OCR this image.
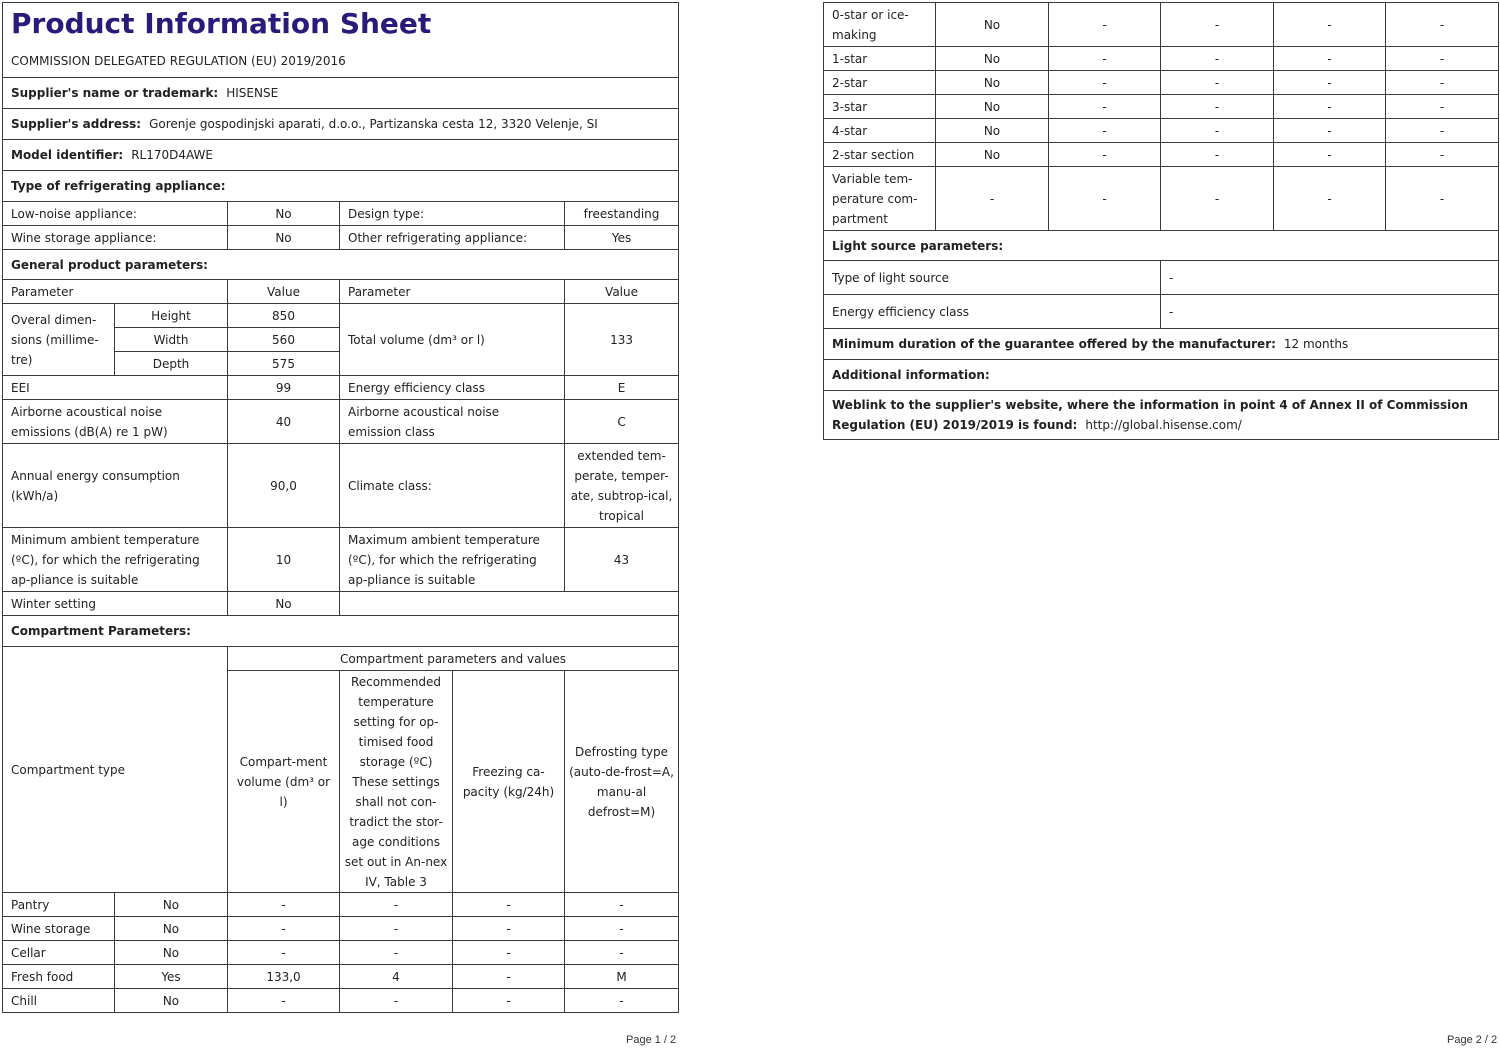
Product Information Sheet
COMMISSION DELEGATED REGULATION (EU) 2019/2016					

Supplier's name or trademark: HISENSE					
Supplier's address: Gorenje gospodinjski aparati, d.o.o., Partizanska cesta 12, 3320 Velenje, SI					
Model identifier: RL170D4AWE					
Type of refrigerating appliance:					
Low-noise appliance:		No	Design type:		freestanding
Wine storage appliance:		No	Other refrigerating appliance:		Yes
General product parameters:					
Parameter		Value	Parameter		Value
Overal dimen-sions (millime-tre)	Height	850	Total volume (dm³ or l)		133
	Width	560			
	Depth	575			
EEI		99	Energy efficiency class		E
Airborne acoustical noise emissions (dB(A) re 1 pW)		40	Airborne acoustical noise emission class		C
Annual energy consumption (kWh/a)		90,0	Climate class:		extended tem-perate, temper-ate, subtrop-ical, tropical
Minimum ambient temperature (ºC), for which the refrigerating ap-pliance is suitable		10	Maximum ambient temperature (ºC), for which the refrigerating ap-pliance is suitable		43
Winter setting		No			
Compartment Parameters:					
Compartment type		Compartment parameters and values			
		Compart-ment volume (dm³ or l)	Recommended temperature setting for op-timised food storage (ºC) These settings shall not con-tradict the stor-age conditions set out in An-nex IV, Table 3	Freezing ca-pacity (kg/24h)	Defrosting type (auto-de-frost=A, manu-al defrost=M)
Pantry	No	-	-	-	-
Wine storage	No	-	-	-	-
Cellar	No	-	-	-	-
Fresh food	Yes	133,0	4	-	M
Chill	No	-	-	-	-
Page 1 / 2
0-star or ice-making	No	-	-	-	-
1-star	No	-	-	-	-
2-star	No	-	-	-	-
3-star	No	-	-	-	-
4-star	No	-	-	-	-
2-star section	No	-	-	-	-
Variable tem-perature com-partment	-	-	-	-	-
Light source parameters:					
Type of light source			-		
Energy efficiency class			-		
Minimum duration of the guarantee offered by the manufacturer: 12 months					
Additional information:					
Weblink to the supplier's website, where the information in point 4 of Annex II of Commission Regulation (EU) 2019/2019 is found: http://global.hisense.com/					
Page 2 / 2
